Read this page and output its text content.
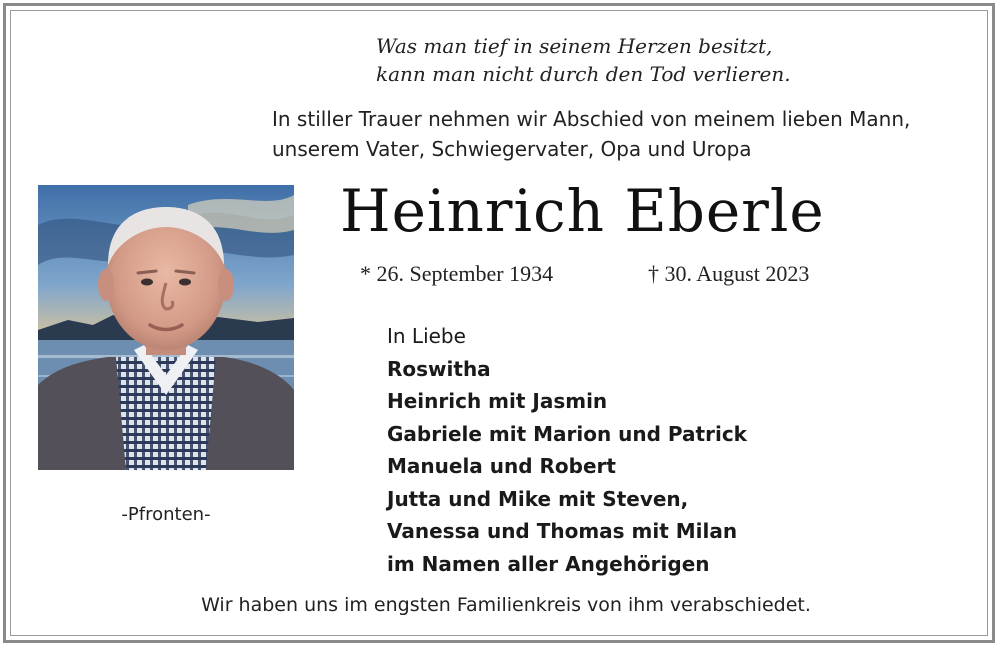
Was man tief in seinem Herzen besitzt,
kann man nicht durch den Tod verlieren.
In stiller Trauer nehmen wir Abschied von meinem lieben Mann,
unserem Vater, Schwiegervater, Opa und Uropa
Heinrich Eberle
* 26. September 1934	† 30. August 2023
In Liebe
Roswitha
Heinrich mit Jasmin
Gabriele mit Marion und Patrick
Manuela und Robert
Jutta und Mike mit Steven,
Vanessa und Thomas mit Milan
im Namen aller Angehörigen
-Pfronten-
Wir haben uns im engsten Familienkreis von ihm verabschiedet.
